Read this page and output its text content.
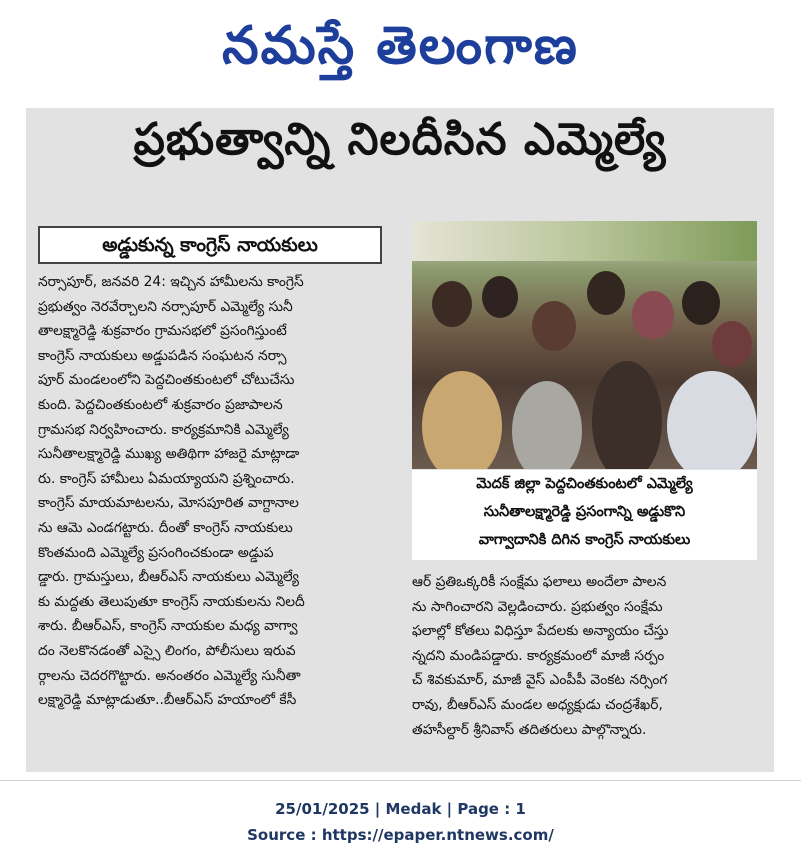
నమస్తే తెలంగాణ
ప్రభుత్వాన్ని నిలదీసిన ఎమ్మెల్యే
అడ్డుకున్న కాంగ్రెస్ నాయకులు
నర్సాపూర్, జనవరి 24: ఇచ్చిన హామీలను కాంగ్రెస్
ప్రభుత్వం నెరవేర్చాలని నర్సాపూర్ ఎమ్మెల్యే సునీ
తాలక్ష్మారెడ్డి శుక్రవారం గ్రామసభలో ప్రసంగిస్తుంటే
కాంగ్రెస్ నాయకులు అడ్డుపడిన సంఘటన నర్సా
పూర్ మండలంలోని పెద్దచింతకుంటలో చోటుచేసు
కుంది. పెద్దచింతకుంటలో శుక్రవారం ప్రజాపాలన
గ్రామసభ నిర్వహించారు. కార్యక్రమానికి ఎమ్మెల్యే
సునీతాలక్ష్మారెడ్డి ముఖ్య అతిథిగా హాజరై మాట్లాడా
రు. కాంగ్రెస్ హామీలు ఏమయ్యాయని ప్రశ్నించారు.
కాంగ్రెస్ మాయమాటలను, మోసపూరిత వాగ్దానాల
ను ఆమె ఎండగట్టారు. దీంతో కాంగ్రెస్ నాయకులు
కొంతమంది ఎమ్మెల్యే ప్రసంగించకుండా అడ్డుప
డ్డారు. గ్రామస్తులు, బీఆర్ఎస్ నాయకులు ఎమ్మెల్యే
కు మద్దతు తెలుపుతూ కాంగ్రెస్ నాయకులను నిలదీ
శారు. బీఆర్ఎస్, కాంగ్రెస్ నాయకుల మధ్య వాగ్వా
దం నెలకొనడంతో ఎస్సై లింగం, పోలీసులు ఇరువ
ర్గాలను చెదరగొట్టారు. అనంతరం ఎమ్మెల్యే సునీతా
లక్ష్మారెడ్డి మాట్లాడుతూ..బీఆర్ఎస్ హయాంలో కేసీ
మెదక్ జిల్లా పెద్దచింతకుంటలో ఎమ్మెల్యే
సునీతాలక్ష్మారెడ్డి ప్రసంగాన్ని అడ్డుకొని
వాగ్వాదానికి దిగిన కాంగ్రెస్ నాయకులు
ఆర్ ప్రతిఒక్కరికీ సంక్షేమ ఫలాలు అందేలా పాలన
ను సాగించారని వెల్లడించారు. ప్రభుత్వం సంక్షేమ
ఫలాల్లో కోతలు విధిస్తూ పేదలకు అన్యాయం చేస్తు
న్నదని మండిపడ్డారు. కార్యక్రమంలో మాజీ సర్పం
చ్ శివకుమార్, మాజీ వైస్ ఎంపీపీ వెంకట నర్సింగ
రావు, బీఆర్ఎస్ మండల అధ్యక్షుడు చంద్రశేఖర్,
తహసీల్దార్ శ్రీనివాస్ తదితరులు పాల్గొన్నారు.
25/01/2025 | Medak | Page : 1
Source : https://epaper.ntnews.com/
